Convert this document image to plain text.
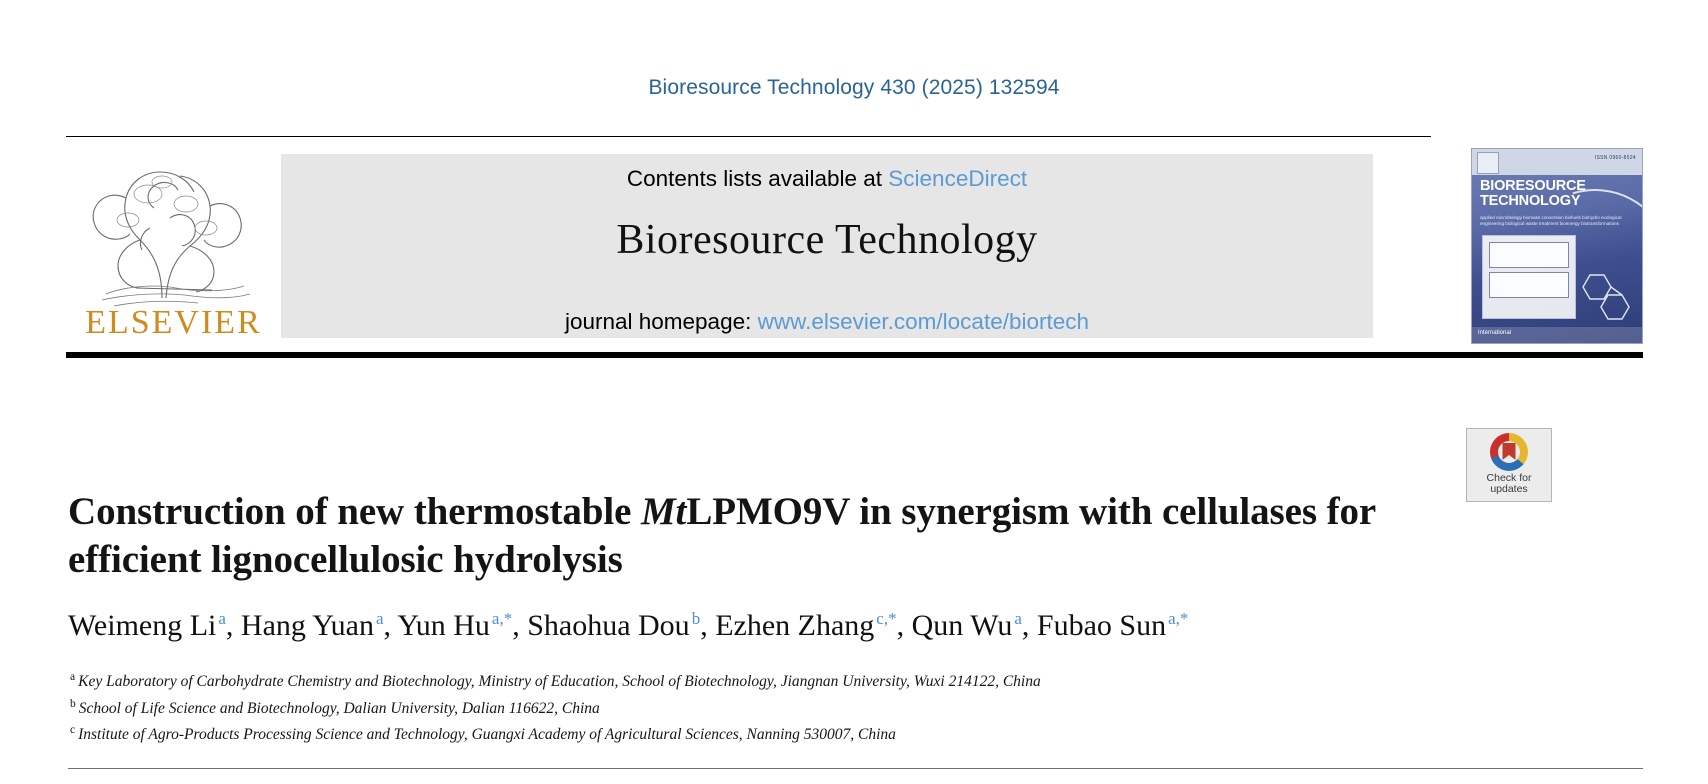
Bioresource Technology 430 (2025) 132594
ELSEVIER
Contents lists available at ScienceDirect
Bioresource Technology
journal homepage: www.elsevier.com/locate/biortech
ISSN 0960-8524
BIORESOURCE TECHNOLOGY
applied microbiology biomass conversion biofuels biohydro ecological engineering biological waste treatment bioenergy biotransformations
International
Check for
updates
Construction of new thermostable MtLPMO9V in synergism with cellulases for efficient lignocellulosic hydrolysis
Weimeng Li $^a$, Hang Yuan $^a$, Yun Hu $^{a,*}$, Shaohua Dou $^b$, Ezhen Zhang $^{c,*}$, Qun Wu $^a$, Fubao Sun $^{a,*}$
$^a$ Key Laboratory of Carbohydrate Chemistry and Biotechnology, Ministry of Education, School of Biotechnology, Jiangnan University, Wuxi 214122, China
$^b$ School of Life Science and Biotechnology, Dalian University, Dalian 116622, China
$^c$ Institute of Agro-Products Processing Science and Technology, Guangxi Academy of Agricultural Sciences, Nanning 530007, China
